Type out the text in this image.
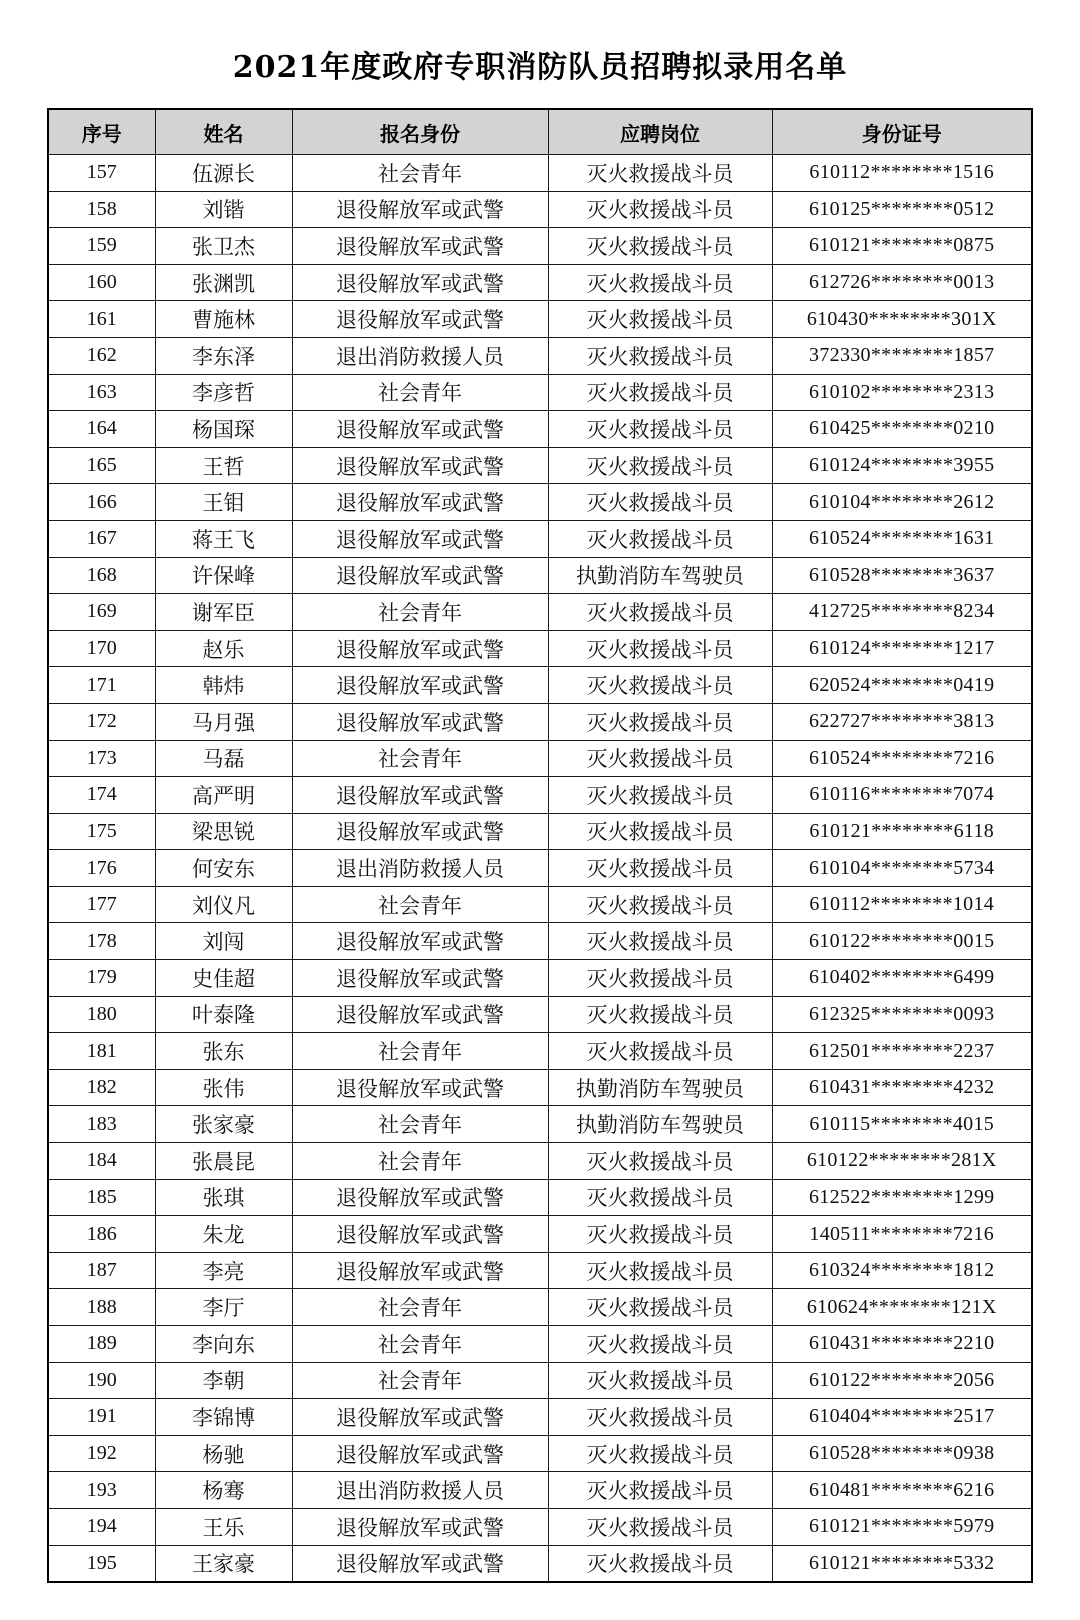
2021年度政府专职消防队员招聘拟录用名单
序号	姓名	报名身份	应聘岗位	身份证号
157	伍源长	社会青年	灭火救援战斗员	610112********1516
158	刘锴	退役解放军或武警	灭火救援战斗员	610125********0512
159	张卫杰	退役解放军或武警	灭火救援战斗员	610121********0875
160	张渊凯	退役解放军或武警	灭火救援战斗员	612726********0013
161	曹施林	退役解放军或武警	灭火救援战斗员	610430********301X
162	李东泽	退出消防救援人员	灭火救援战斗员	372330********1857
163	李彦哲	社会青年	灭火救援战斗员	610102********2313
164	杨国琛	退役解放军或武警	灭火救援战斗员	610425********0210
165	王哲	退役解放军或武警	灭火救援战斗员	610124********3955
166	王钼	退役解放军或武警	灭火救援战斗员	610104********2612
167	蒋王飞	退役解放军或武警	灭火救援战斗员	610524********1631
168	许保峰	退役解放军或武警	执勤消防车驾驶员	610528********3637
169	谢军臣	社会青年	灭火救援战斗员	412725********8234
170	赵乐	退役解放军或武警	灭火救援战斗员	610124********1217
171	韩炜	退役解放军或武警	灭火救援战斗员	620524********0419
172	马月强	退役解放军或武警	灭火救援战斗员	622727********3813
173	马磊	社会青年	灭火救援战斗员	610524********7216
174	高严明	退役解放军或武警	灭火救援战斗员	610116********7074
175	梁思锐	退役解放军或武警	灭火救援战斗员	610121********6118
176	何安东	退出消防救援人员	灭火救援战斗员	610104********5734
177	刘仪凡	社会青年	灭火救援战斗员	610112********1014
178	刘闯	退役解放军或武警	灭火救援战斗员	610122********0015
179	史佳超	退役解放军或武警	灭火救援战斗员	610402********6499
180	叶泰隆	退役解放军或武警	灭火救援战斗员	612325********0093
181	张东	社会青年	灭火救援战斗员	612501********2237
182	张伟	退役解放军或武警	执勤消防车驾驶员	610431********4232
183	张家豪	社会青年	执勤消防车驾驶员	610115********4015
184	张晨昆	社会青年	灭火救援战斗员	610122********281X
185	张琪	退役解放军或武警	灭火救援战斗员	612522********1299
186	朱龙	退役解放军或武警	灭火救援战斗员	140511********7216
187	李亮	退役解放军或武警	灭火救援战斗员	610324********1812
188	李厅	社会青年	灭火救援战斗员	610624********121X
189	李向东	社会青年	灭火救援战斗员	610431********2210
190	李朝	社会青年	灭火救援战斗员	610122********2056
191	李锦博	退役解放军或武警	灭火救援战斗员	610404********2517
192	杨驰	退役解放军或武警	灭火救援战斗员	610528********0938
193	杨骞	退出消防救援人员	灭火救援战斗员	610481********6216
194	王乐	退役解放军或武警	灭火救援战斗员	610121********5979
195	王家豪	退役解放军或武警	灭火救援战斗员	610121********5332
